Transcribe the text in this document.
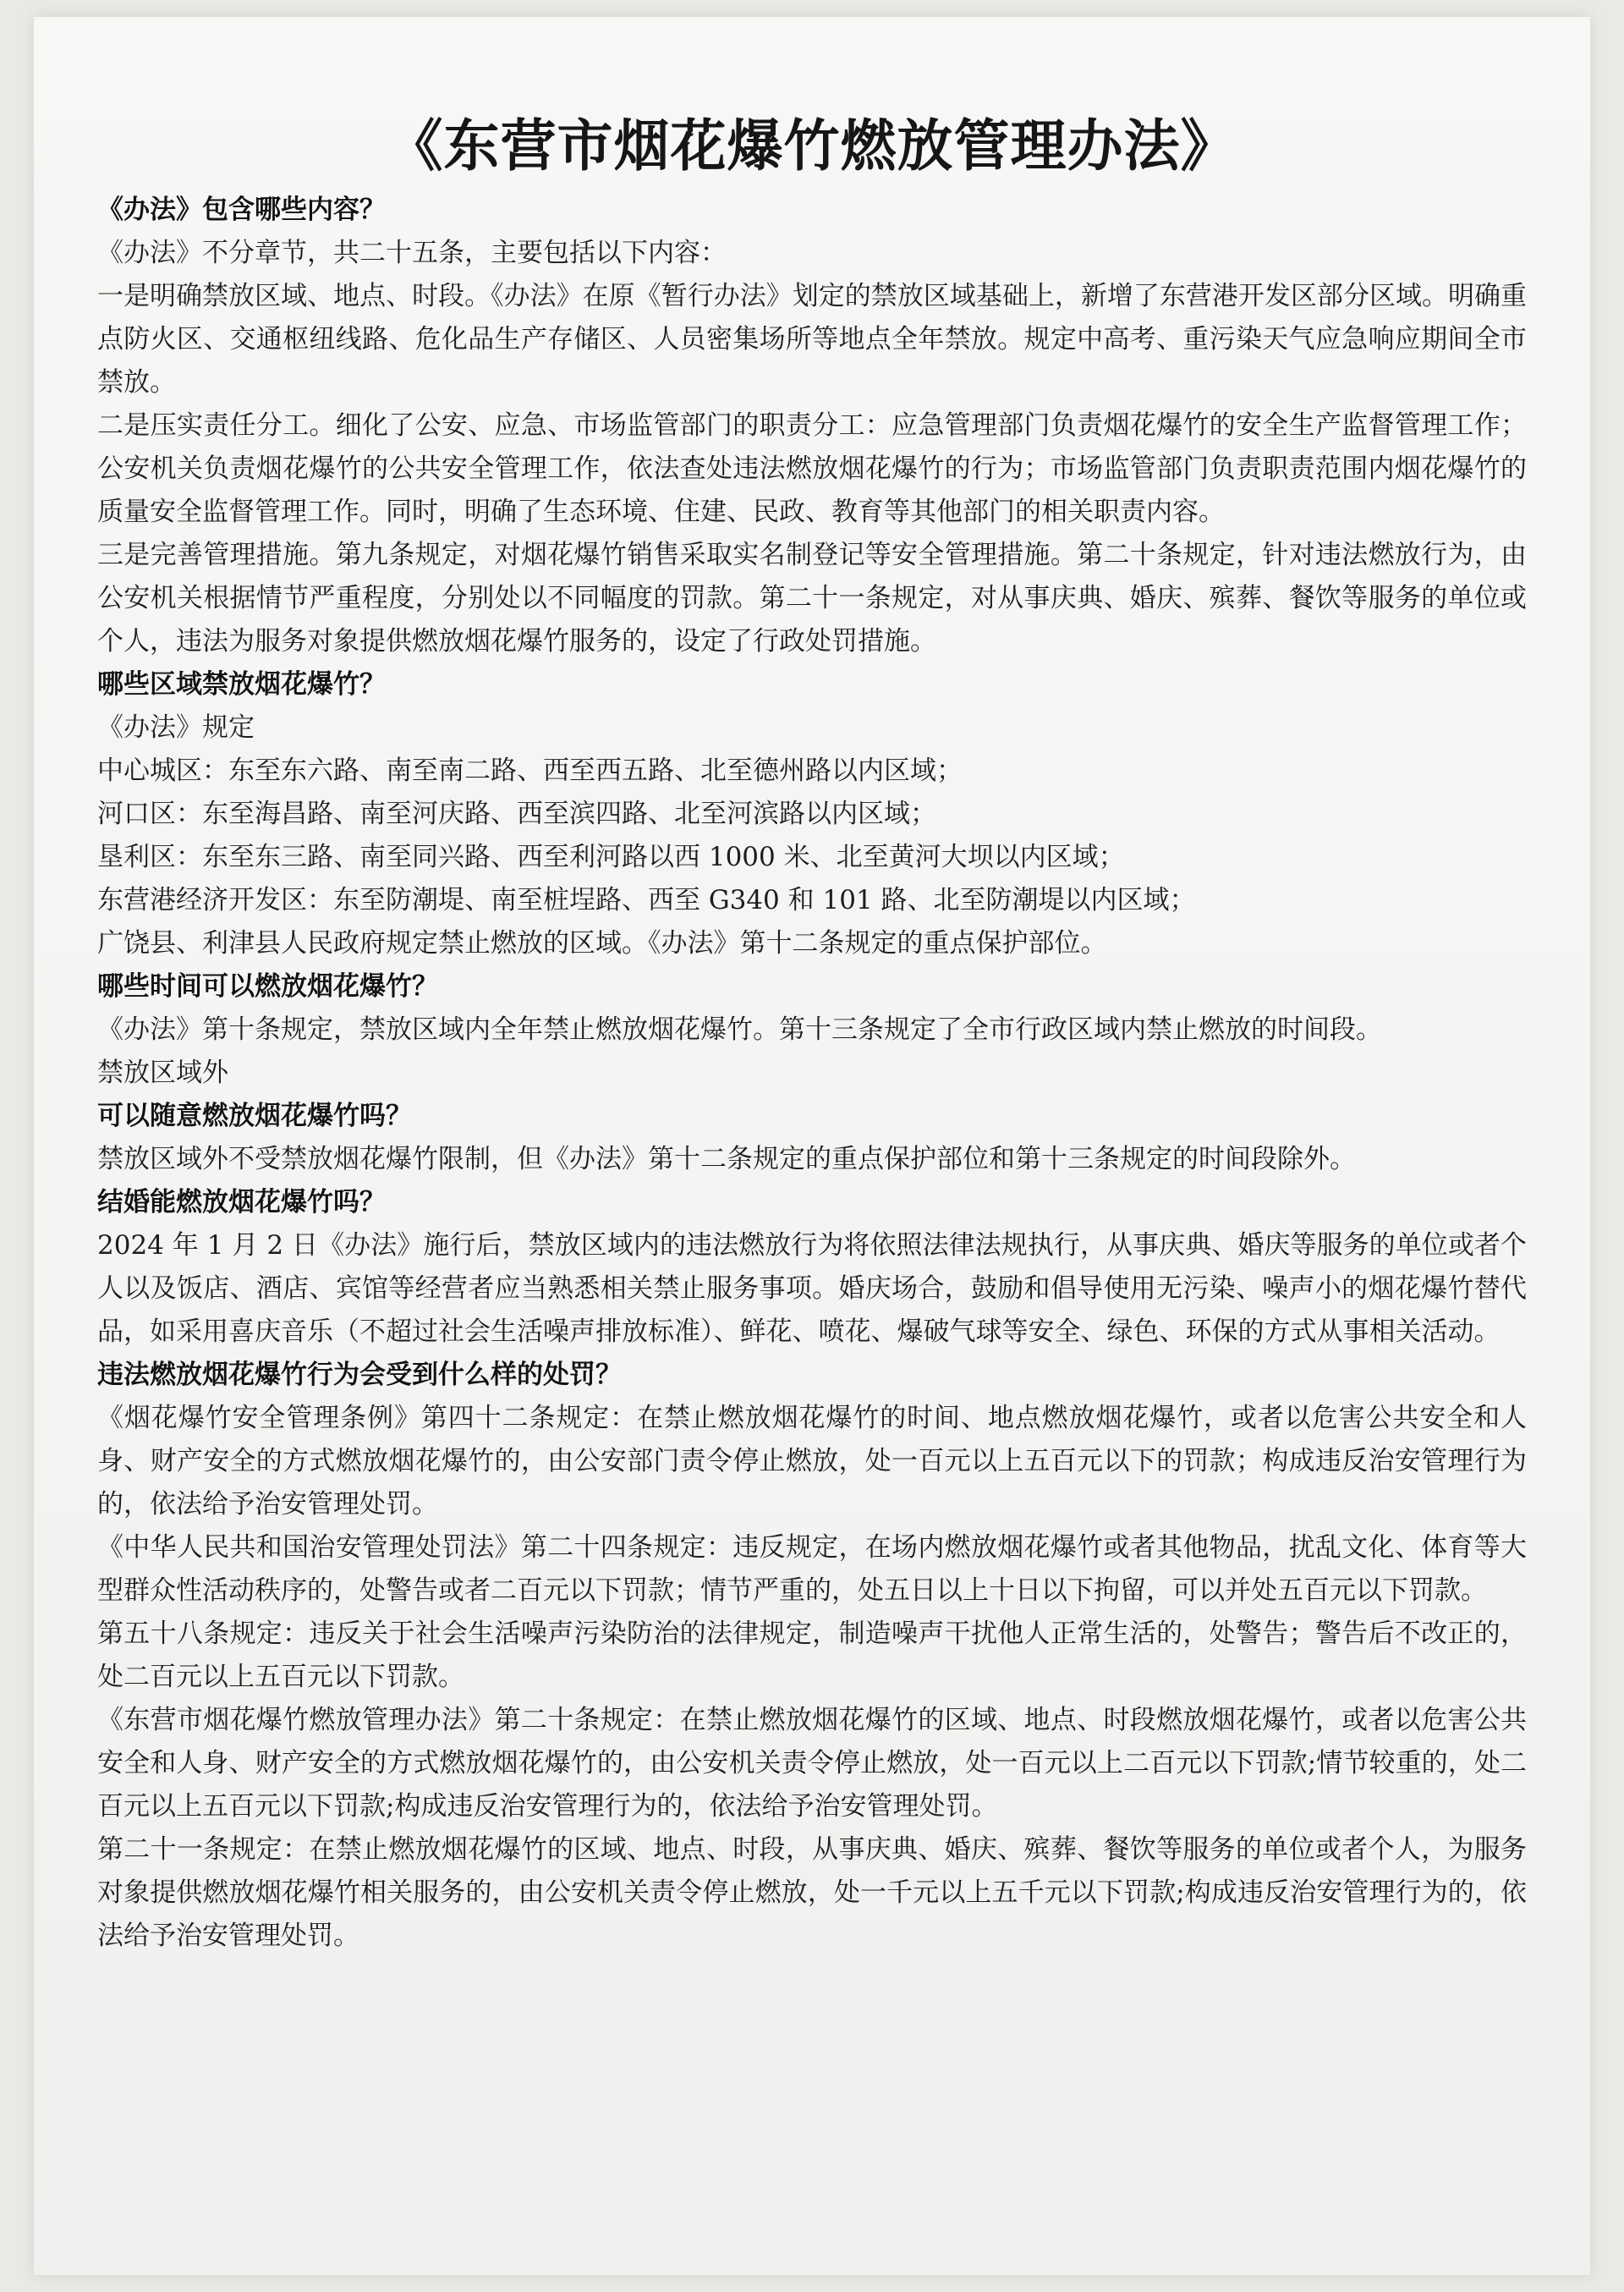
《东营市烟花爆竹燃放管理办法》

《办法》包含哪些内容？

《办法》不分章节，共二十五条，主要包括以下内容：

一是明确禁放区域、地点、时段。《办法》在原《暂行办法》划定的禁放区域基础上，新增了东营港开发区部分区域。明确重点防火区、交通枢纽线路、危化品生产存储区、人员密集场所等地点全年禁放。规定中高考、重污染天气应急响应期间全市禁放。

二是压实责任分工。细化了公安、应急、市场监管部门的职责分工：应急管理部门负责烟花爆竹的安全生产监督管理工作；公安机关负责烟花爆竹的公共安全管理工作，依法查处违法燃放烟花爆竹的行为；市场监管部门负责职责范围内烟花爆竹的质量安全监督管理工作。同时，明确了生态环境、住建、民政、教育等其他部门的相关职责内容。

三是完善管理措施。第九条规定，对烟花爆竹销售采取实名制登记等安全管理措施。第二十条规定，针对违法燃放行为，由公安机关根据情节严重程度，分别处以不同幅度的罚款。第二十一条规定，对从事庆典、婚庆、殡葬、餐饮等服务的单位或个人，违法为服务对象提供燃放烟花爆竹服务的，设定了行政处罚措施。

哪些区域禁放烟花爆竹？

《办法》规定

中心城区：东至东六路、南至南二路、西至西五路、北至德州路以内区域；

河口区：东至海昌路、南至河庆路、西至滨四路、北至河滨路以内区域；

垦利区：东至东三路、南至同兴路、西至利河路以西 1000 米、北至黄河大坝以内区域；

东营港经济开发区：东至防潮堤、南至桩埕路、西至 G340 和 101 路、北至防潮堤以内区域；

广饶县、利津县人民政府规定禁止燃放的区域。《办法》第十二条规定的重点保护部位。

哪些时间可以燃放烟花爆竹？

《办法》第十条规定，禁放区域内全年禁止燃放烟花爆竹。第十三条规定了全市行政区域内禁止燃放的时间段。

禁放区域外

可以随意燃放烟花爆竹吗？

禁放区域外不受禁放烟花爆竹限制，但《办法》第十二条规定的重点保护部位和第十三条规定的时间段除外。

结婚能燃放烟花爆竹吗？

2024 年 1 月 2 日《办法》施行后，禁放区域内的违法燃放行为将依照法律法规执行，从事庆典、婚庆等服务的单位或者个人以及饭店、酒店、宾馆等经营者应当熟悉相关禁止服务事项。婚庆场合，鼓励和倡导使用无污染、噪声小的烟花爆竹替代品，如采用喜庆音乐（不超过社会生活噪声排放标准）、鲜花、喷花、爆破气球等安全、绿色、环保的方式从事相关活动。

违法燃放烟花爆竹行为会受到什么样的处罚？

《烟花爆竹安全管理条例》第四十二条规定：在禁止燃放烟花爆竹的时间、地点燃放烟花爆竹，或者以危害公共安全和人身、财产安全的方式燃放烟花爆竹的，由公安部门责令停止燃放，处一百元以上五百元以下的罚款；构成违反治安管理行为的，依法给予治安管理处罚。

《中华人民共和国治安管理处罚法》第二十四条规定：违反规定，在场内燃放烟花爆竹或者其他物品，扰乱文化、体育等大型群众性活动秩序的，处警告或者二百元以下罚款；情节严重的，处五日以上十日以下拘留，可以并处五百元以下罚款。

第五十八条规定：违反关于社会生活噪声污染防治的法律规定，制造噪声干扰他人正常生活的，处警告；警告后不改正的，处二百元以上五百元以下罚款。

《东营市烟花爆竹燃放管理办法》第二十条规定：在禁止燃放烟花爆竹的区域、地点、时段燃放烟花爆竹，或者以危害公共安全和人身、财产安全的方式燃放烟花爆竹的，由公安机关责令停止燃放，处一百元以上二百元以下罚款;情节较重的，处二百元以上五百元以下罚款;构成违反治安管理行为的，依法给予治安管理处罚。

第二十一条规定：在禁止燃放烟花爆竹的区域、地点、时段，从事庆典、婚庆、殡葬、餐饮等服务的单位或者个人，为服务对象提供燃放烟花爆竹相关服务的，由公安机关责令停止燃放，处一千元以上五千元以下罚款;构成违反治安管理行为的，依法给予治安管理处罚。
